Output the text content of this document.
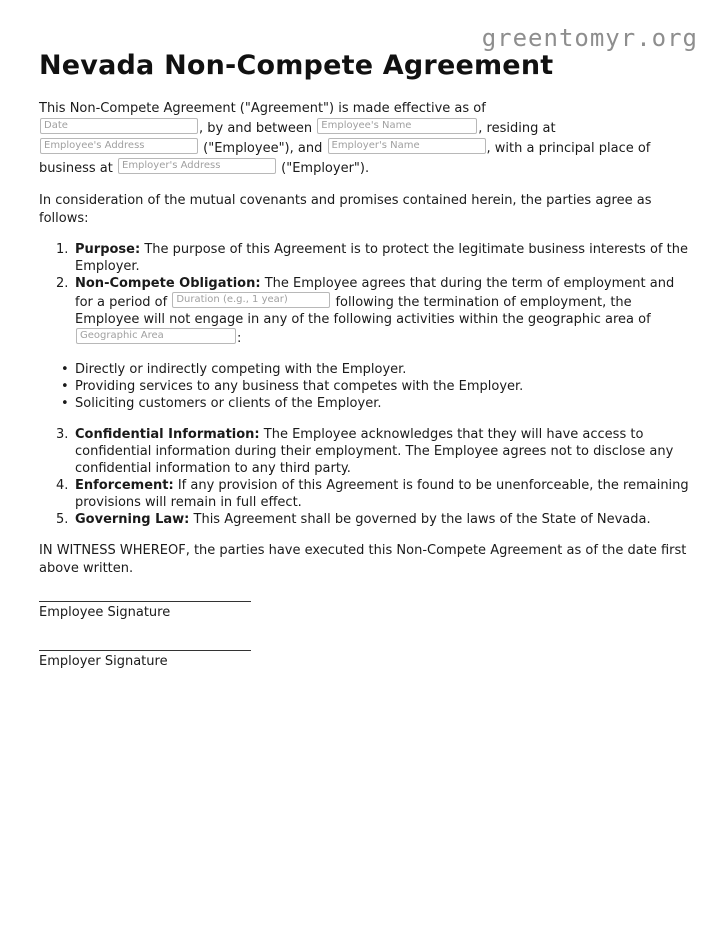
greentomyr.org
Nevada Non-Compete Agreement

This Non-Compete Agreement ("Agreement") is made effective as of
Date	, by and between Employee's Name	, residing at
Employee's Address	("Employee"), and Employer's Name	, with a principal place of business at Employer's Address	("Employer").

In consideration of the mutual covenants and promises contained herein, the parties agree as follows:

1. Purpose: The purpose of this Agreement is to protect the legitimate business interests of the Employer.
2. Non-Compete Obligation: The Employee agrees that during the term of employment and for a period of Duration (e.g., 1 year)	following the termination of employment, the Employee will not engage in any of the following activities within the geographic area of Geographic Area	:
• Directly or indirectly competing with the Employer.
• Providing services to any business that competes with the Employer.
• Soliciting customers or clients of the Employer.
3. Confidential Information: The Employee acknowledges that they will have access to confidential information during their employment. The Employee agrees not to disclose any confidential information to any third party.
4. Enforcement: If any provision of this Agreement is found to be unenforceable, the remaining provisions will remain in full effect.
5. Governing Law: This Agreement shall be governed by the laws of the State of Nevada.

IN WITNESS WHEREOF, the parties have executed this Non-Compete Agreement as of the date first above written.

Employee Signature
Employer Signature
